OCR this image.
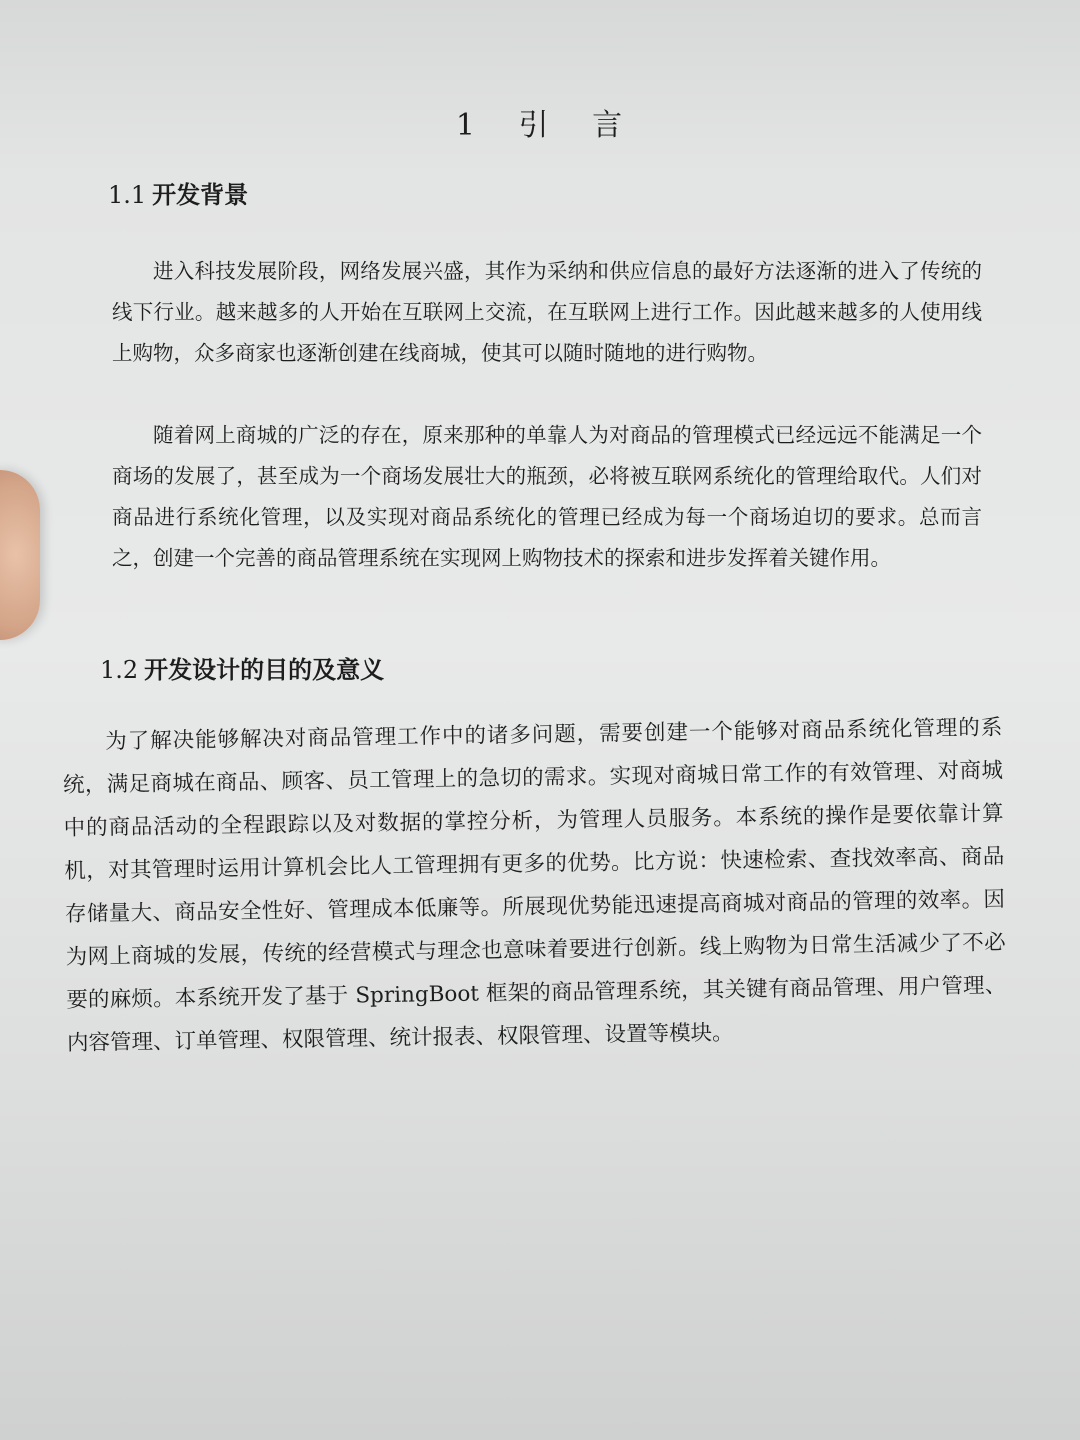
1 引 言
1.1 开发背景

进入科技发展阶段，网络发展兴盛，其作为采纳和供应信息的最好方法逐渐的进入了传统的线下行业。越来越多的人开始在互联网上交流，在互联网上进行工作。因此越来越多的人使用线上购物，众多商家也逐渐创建在线商城，使其可以随时随地的进行购物。

随着网上商城的广泛的存在，原来那种的单靠人为对商品的管理模式已经远远不能满足一个商场的发展了，甚至成为一个商场发展壮大的瓶颈，必将被互联网系统化的管理给取代。人们对商品进行系统化管理，以及实现对商品系统化的管理已经成为每一个商场迫切的要求。总而言之，创建一个完善的商品管理系统在实现网上购物技术的探索和进步发挥着关键作用。

1.2 开发设计的目的及意义

为了解决能够解决对商品管理工作中的诸多问题，需要创建一个能够对商品系统化管理的系统，满足商城在商品、顾客、员工管理上的急切的需求。实现对商城日常工作的有效管理、对商城中的商品活动的全程跟踪以及对数据的掌控分析，为管理人员服务。本系统的操作是要依靠计算机，对其管理时运用计算机会比人工管理拥有更多的优势。比方说：快速检索、查找效率高、商品存储量大、商品安全性好、管理成本低廉等。所展现优势能迅速提高商城对商品的管理的效率。因为网上商城的发展，传统的经营模式与理念也意味着要进行创新。线上购物为日常生活减少了不必要的麻烦。本系统开发了基于 SpringBoot 框架的商品管理系统，其关键有商品管理、用户管理、内容管理、订单管理、权限管理、统计报表、权限管理、设置等模块。
